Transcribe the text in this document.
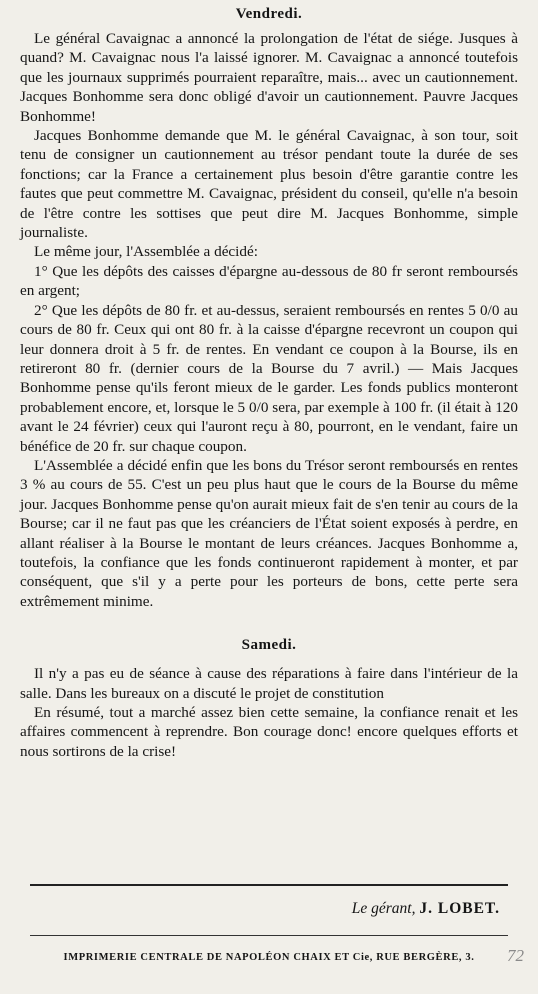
Vendredi.

Le général Cavaignac a annoncé la prolongation de l'état de siége. Jusques à quand? M. Cavaignac nous l'a laissé ignorer. M. Cavaignac a annoncé toutefois que les journaux supprimés pourraient reparaître, mais... avec un cautionnement. Jacques Bonhomme sera donc obligé d'avoir un cautionnement. Pauvre Jacques Bonhomme!

Jacques Bonhomme demande que M. le général Cavaignac, à son tour, soit tenu de consigner un cautionnement au trésor pendant toute la durée de ses fonctions; car la France a certainement plus besoin d'être garantie contre les fautes que peut commettre M. Cavaignac, président du conseil, qu'elle n'a besoin de l'être contre les sottises que peut dire M. Jacques Bonhomme, simple journaliste.

Le même jour, l'Assemblée a décidé:

1° Que les dépôts des caisses d'épargne au-dessous de 80 fr seront remboursés en argent;

2° Que les dépôts de 80 fr. et au-dessus, seraient remboursés en rentes 5 0/0 au cours de 80 fr. Ceux qui ont 80 fr. à la caisse d'épargne recevront un coupon qui leur donnera droit à 5 fr. de rentes. En vendant ce coupon à la Bourse, ils en retireront 80 fr. (dernier cours de la Bourse du 7 avril.) — Mais Jacques Bonhomme pense qu'ils feront mieux de le garder. Les fonds publics monteront probablement encore, et, lorsque le 5 0/0 sera, par exemple à 100 fr. (il était à 120 avant le 24 février) ceux qui l'auront reçu à 80, pourront, en le vendant, faire un bénéfice de 20 fr. sur chaque coupon.

L'Assemblée a décidé enfin que les bons du Trésor seront remboursés en rentes 3 % au cours de 55. C'est un peu plus haut que le cours de la Bourse du même jour. Jacques Bonhomme pense qu'on aurait mieux fait de s'en tenir au cours de la Bourse; car il ne faut pas que les créanciers de l'État soient exposés à perdre, en allant réaliser à la Bourse le montant de leurs créances. Jacques Bonhomme a, toutefois, la confiance que les fonds continueront rapidement à monter, et par conséquent, que s'il y a perte pour les porteurs de bons, cette perte sera extrêmement minime.

Samedi.

Il n'y a pas eu de séance à cause des réparations à faire dans l'intérieur de la salle. Dans les bureaux on a discuté le projet de constitution

En résumé, tout a marché assez bien cette semaine, la confiance renait et les affaires commencent à reprendre. Bon courage donc! encore quelques efforts et nous sortirons de la crise!

Le gérant, J. LOBET.
IMPRIMERIE CENTRALE DE NAPOLÉON CHAIX ET Cie, RUE BERGÈRE, 3.	72
